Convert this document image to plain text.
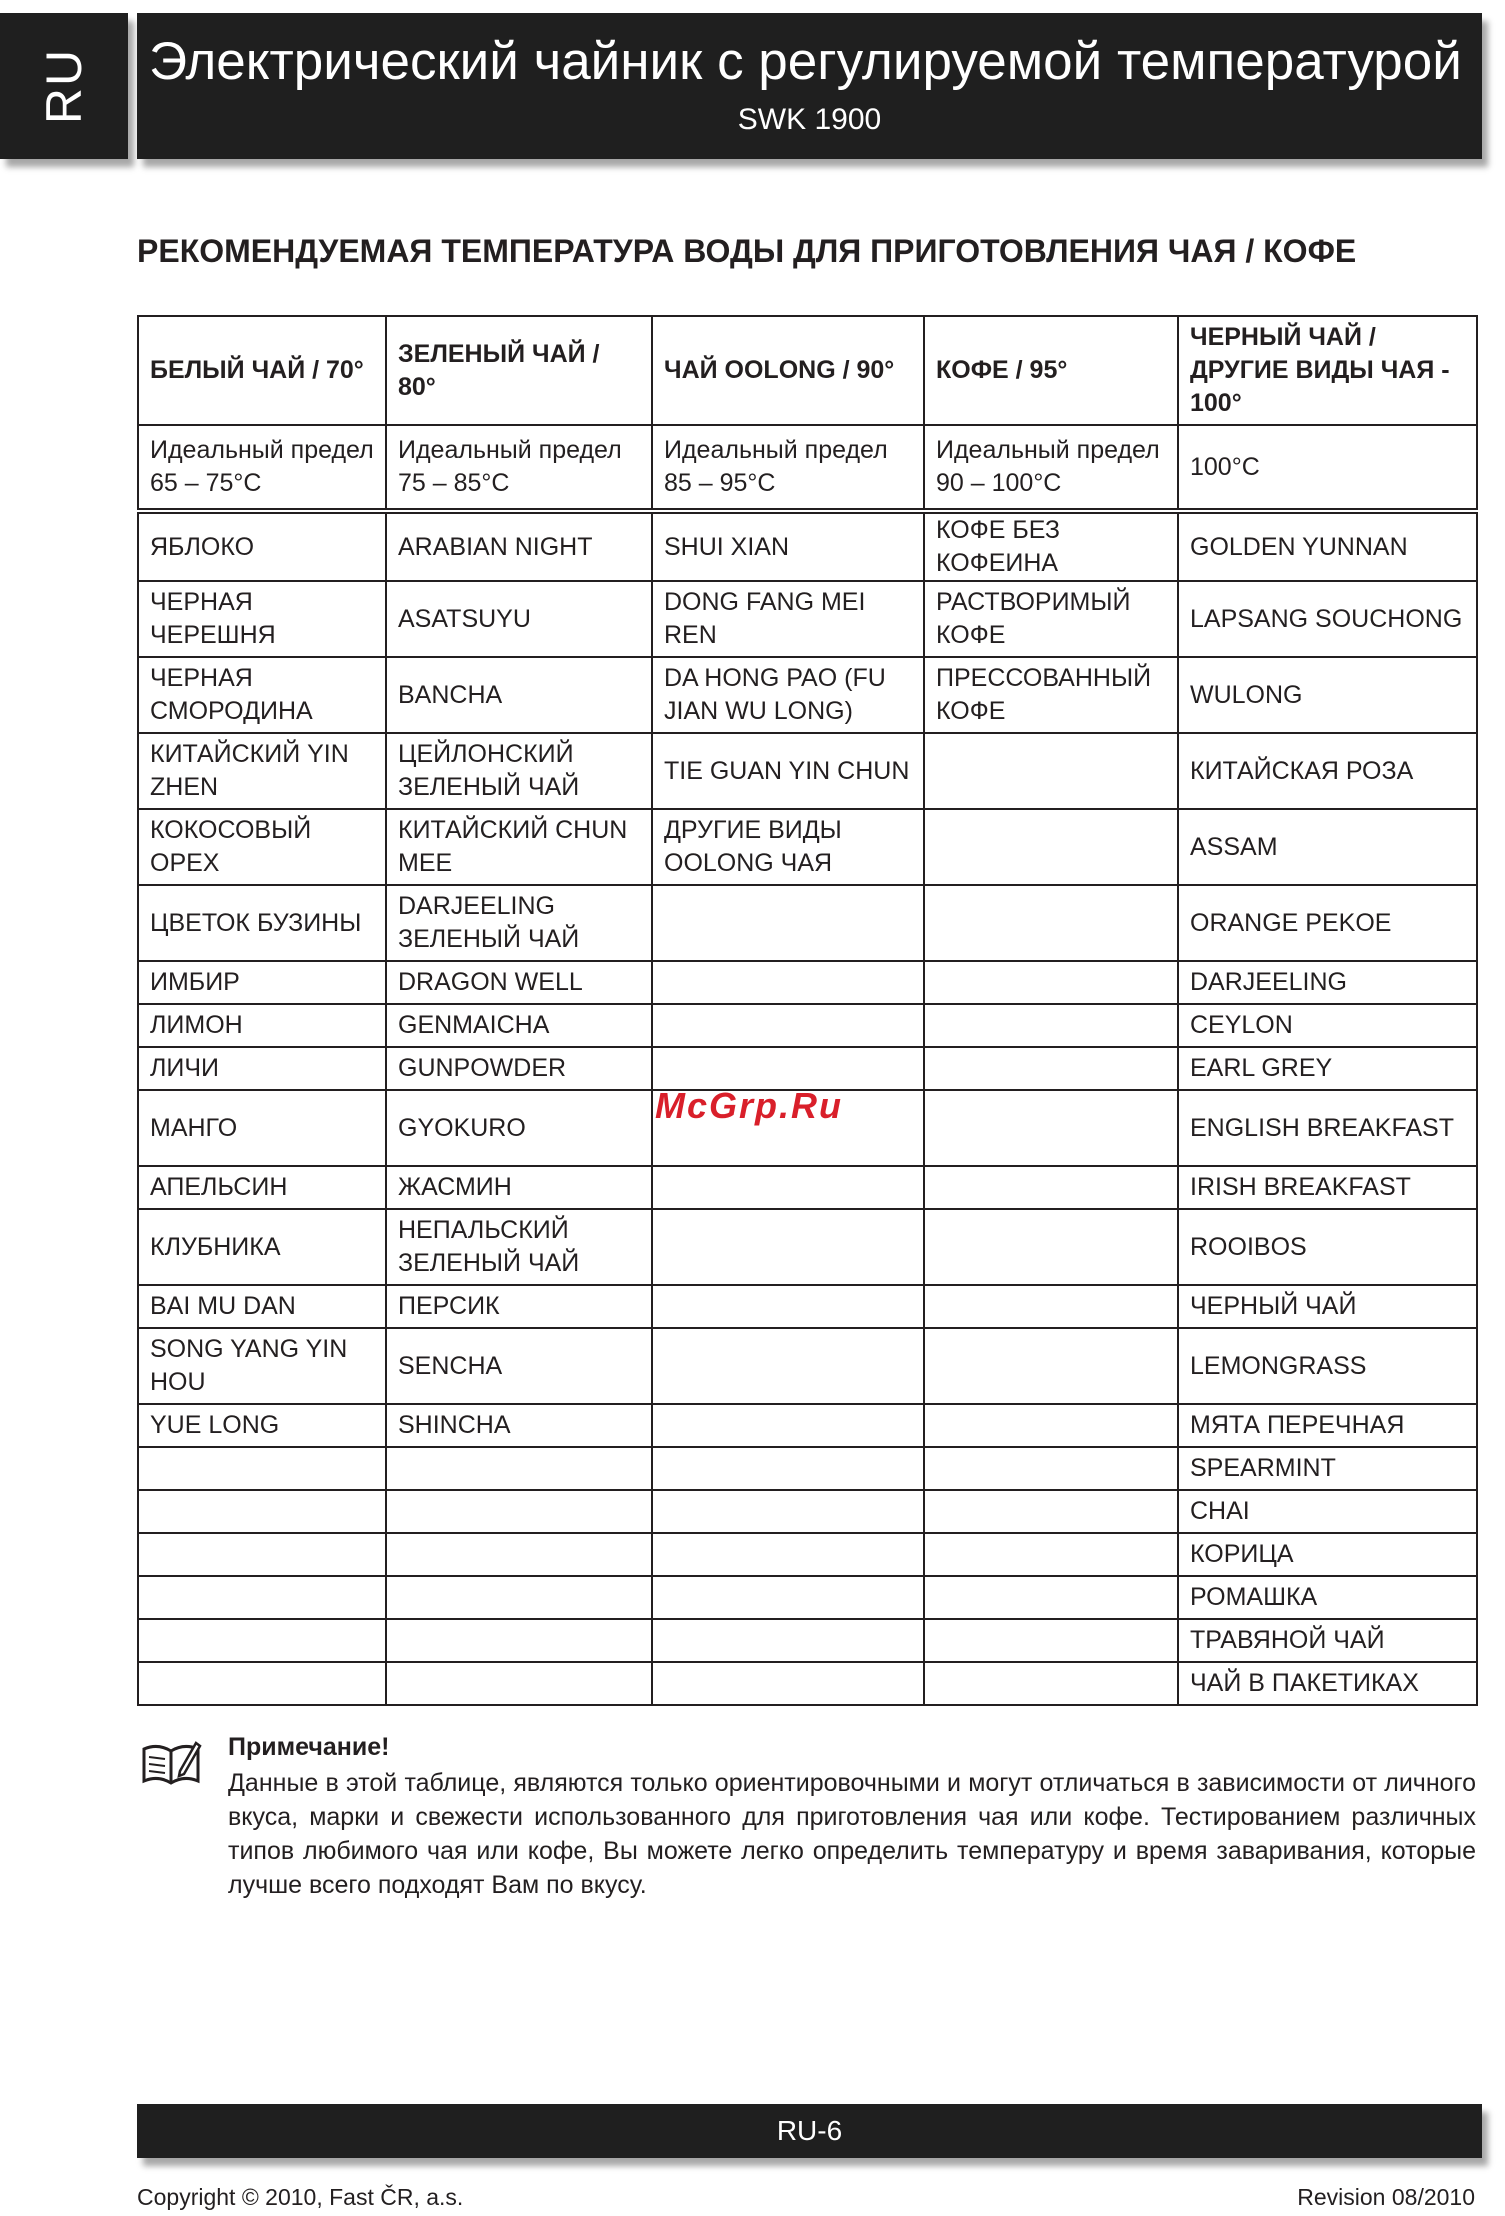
RU Электрический чайник с регулируемой температурой
SWK 1900
РЕКОМЕНДУЕМАЯ ТЕМПЕРАТУРА ВОДЫ ДЛЯ ПРИГОТОВЛЕНИЯ ЧАЯ / КОФЕ
БЕЛЫЙ ЧАЙ / 70°	ЗЕЛЕНЫЙ ЧАЙ / 80°	ЧАЙ OOLONG / 90°	КОФЕ / 95°	ЧЕРНЫЙ ЧАЙ / ДРУГИЕ ВИДЫ ЧАЯ - 100°
Идеальный предел 65 – 75°C	Идеальный предел 75 – 85°C	Идеальный предел 85 – 95°C	Идеальный предел 90 – 100°C	100°C
ЯБЛОКО	ARABIAN NIGHT	SHUI XIAN	КОФЕ БЕЗ КОФЕИНА	GOLDEN YUNNAN
ЧЕРНАЯ ЧЕРЕШНЯ	ASATSUYU	DONG FANG MEI REN	РАСТВОРИМЫЙ КОФЕ	LAPSANG SOUCHONG
ЧЕРНАЯ СМОРОДИНА	BANCHA	DA HONG PAO (FU JIAN WU LONG)	ПРЕССОВАННЫЙ КОФЕ	WULONG
КИТАЙСКИЙ YIN ZHEN	ЦЕЙЛОНСКИЙ ЗЕЛЕНЫЙ ЧАЙ	TIE GUAN YIN CHUN		КИТАЙСКАЯ РОЗА
КОКОСОВЫЙ ОРЕХ	КИТАЙСКИЙ CHUN MEE	ДРУГИЕ ВИДЫ OOLONG ЧАЯ		ASSAM
ЦВЕТОК БУЗИНЫ	DARJEELING ЗЕЛЕНЫЙ ЧАЙ			ORANGE PEKOE
ИМБИР	DRAGON WELL			DARJEELING
ЛИМОН	GENMAICHA			CEYLON
ЛИЧИ	GUNPOWDER			EARL GREY
МАНГО	GYOKURO			ENGLISH BREAKFAST
АПЕЛЬСИН	ЖАСМИН			IRISH BREAKFAST
КЛУБНИКА	НЕПАЛЬСКИЙ ЗЕЛЕНЫЙ ЧАЙ			ROOIBOS
BAI MU DAN	ПЕРСИК			ЧЕРНЫЙ ЧАЙ
SONG YANG YIN HOU	SENCHA			LEMONGRASS
YUE LONG	SHINCHA			МЯТА ПЕРЕЧНАЯ
				SPEARMINT
				CHAI
				КОРИЦА
				РОМАШКА
				ТРАВЯНОЙ ЧАЙ
				ЧАЙ В ПАКЕТИКАХ
Примечание!
Данные в этой таблице, являются только ориентировочными и могут отличаться в зависимости от личного вкуса, марки и свежести использованного для приготовления чая или кофе. Тестированием различных типов любимого чая или кофе, Вы можете легко определить температуру и время заваривания, которые лучше всего подходят Вам по вкусу.
McGrp.Ru
RU-6
Copyright © 2010, Fast ČR, a.s.	Revision 08/2010
